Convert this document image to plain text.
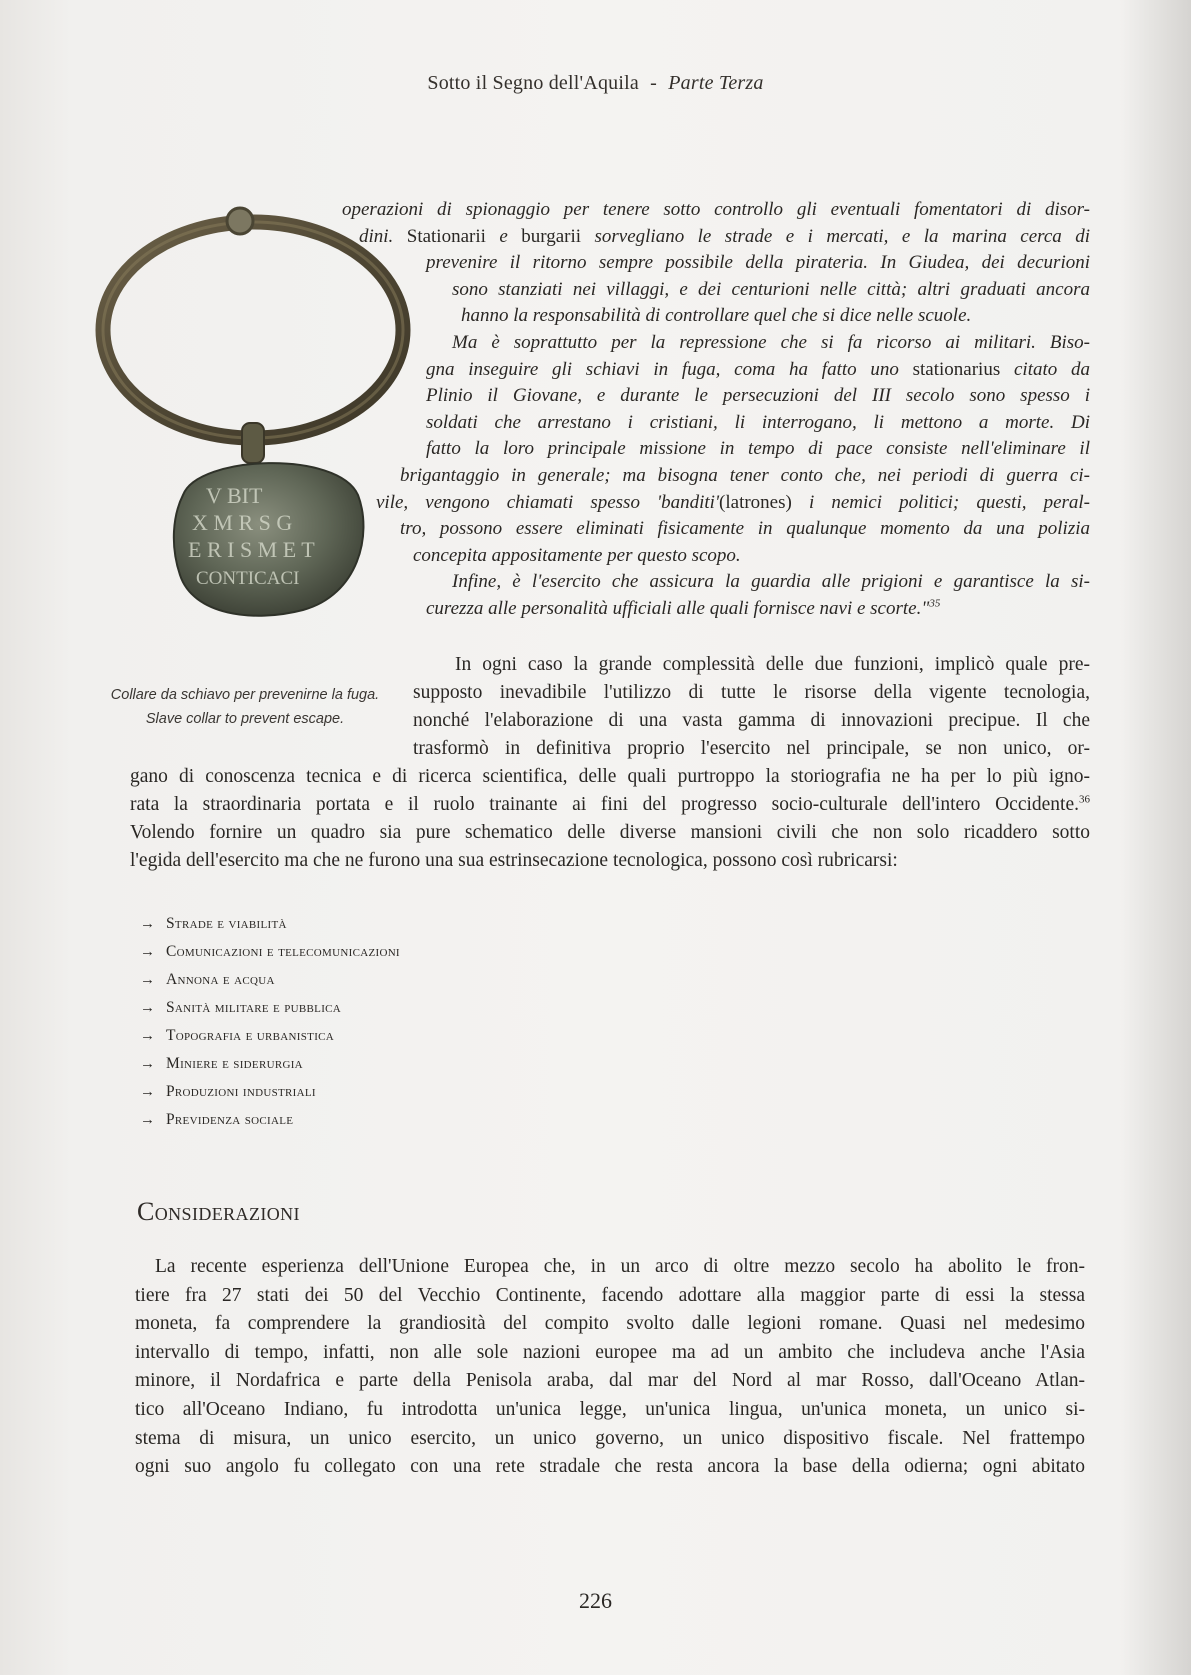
Sotto il Segno dell'Aquila - Parte Terza
V BIT
X M R S G
E R I S M E T
CONTICACI
Collare da schiavo per prevenirne la fuga.
Slave collar to prevent escape.
operazioni di spionaggio per tenere sotto controllo gli eventuali fomentatori di disor-
dini. Stationarii e burgarii sorvegliano le strade e i mercati, e la marina cerca di
prevenire il ritorno sempre possibile della pirateria. In Giudea, dei decurioni
sono stanziati nei villaggi, e dei centurioni nelle città; altri graduati ancora
hanno la responsabilità di controllare quel che si dice nelle scuole.
Ma è soprattutto per la repressione che si fa ricorso ai militari. Biso-
gna inseguire gli schiavi in fuga, coma ha fatto uno stationarius citato da
Plinio il Giovane, e durante le persecuzioni del III secolo sono spesso i
soldati che arrestano i cristiani, li interrogano, li mettono a morte. Di
fatto la loro principale missione in tempo di pace consiste nell'eliminare il
brigantaggio in generale; ma bisogna tener conto che, nei periodi di guerra ci-
vile, vengono chiamati spesso 'banditi'(latrones) i nemici politici; questi, peral-
tro, possono essere eliminati fisicamente in qualunque momento da una polizia
concepita appositamente per questo scopo.
Infine, è l'esercito che assicura la guardia alle prigioni e garantisce la si-
curezza alle personalità ufficiali alle quali fornisce navi e scorte."$^{35}$
In ogni caso la grande complessità delle due funzioni, implicò quale pre-
supposto inevadibile l'utilizzo di tutte le risorse della vigente tecnologia,
nonché l'elaborazione di una vasta gamma di innovazioni precipue. Il che
trasformò in definitiva proprio l'esercito nel principale, se non unico, or-
gano di conoscenza tecnica e di ricerca scientifica, delle quali purtroppo la storiografia ne ha per lo più igno-
rata la straordinaria portata e il ruolo trainante ai fini del progresso socio-culturale dell'intero Occidente.$^{36}$
Volendo fornire un quadro sia pure schematico delle diverse mansioni civili che non solo ricaddero sotto
l'egida dell'esercito ma che ne furono una sua estrinsecazione tecnologica, possono così rubricarsi:
→ Strade e viabilità
→ Comunicazioni e telecomunicazioni
→ Annona e acqua
→ Sanità militare e pubblica
→ Topografia e urbanistica
→ Miniere e siderurgia
→ Produzioni industriali
→ Previdenza sociale
Considerazioni
La recente esperienza dell'Unione Europea che, in un arco di oltre mezzo secolo ha abolito le fron-
tiere fra 27 stati dei 50 del Vecchio Continente, facendo adottare alla maggior parte di essi la stessa
moneta, fa comprendere la grandiosità del compito svolto dalle legioni romane. Quasi nel medesimo
intervallo di tempo, infatti, non alle sole nazioni europee ma ad un ambito che includeva anche l'Asia
minore, il Nordafrica e parte della Penisola araba, dal mar del Nord al mar Rosso, dall'Oceano Atlan-
tico all'Oceano Indiano, fu introdotta un'unica legge, un'unica lingua, un'unica moneta, un unico si-
stema di misura, un unico esercito, un unico governo, un unico dispositivo fiscale. Nel frattempo
ogni suo angolo fu collegato con una rete stradale che resta ancora la base della odierna; ogni abitato
226
